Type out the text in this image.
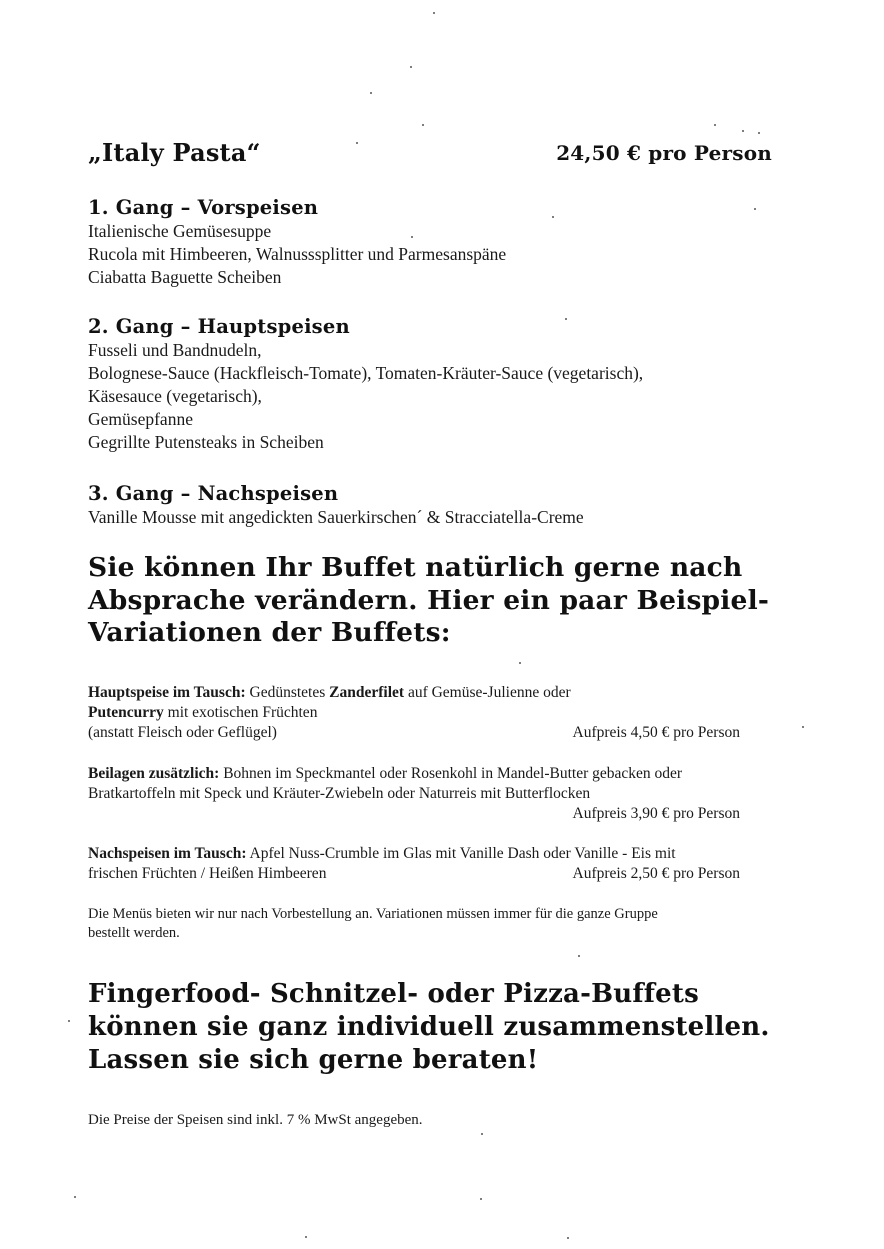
„Italy Pasta“	24,50 € pro Person
1. Gang – Vorspeisen
Italienische Gemüsesuppe
Rucola mit Himbeeren, Walnusssplitter und Parmesanspäne
Ciabatta Baguette Scheiben
2. Gang – Hauptspeisen
Fusseli und Bandnudeln,
Bolognese-Sauce (Hackfleisch-Tomate), Tomaten-Kräuter-Sauce (vegetarisch),
Käsesauce (vegetarisch),
Gemüsepfanne
Gegrillte Putensteaks in Scheiben
3. Gang – Nachspeisen
Vanille Mousse mit angedickten Sauerkirschen´ & Stracciatella-Creme
Sie können Ihr Buffet natürlich gerne nach
Absprache verändern. Hier ein paar Beispiel-
Variationen der Buffets:
Hauptspeise im Tausch: Gedünstetes Zanderfilet auf Gemüse-Julienne oder
Putencurry mit exotischen Früchten
(anstatt Fleisch oder Geflügel)	Aufpreis 4,50 € pro Person
Beilagen zusätzlich: Bohnen im Speckmantel oder Rosenkohl in Mandel-Butter gebacken oder
Bratkartoffeln mit Speck und Kräuter-Zwiebeln oder Naturreis mit Butterflocken
Aufpreis 3,90 € pro Person
Nachspeisen im Tausch: Apfel Nuss-Crumble im Glas mit Vanille Dash oder Vanille - Eis mit
frischen Früchten / Heißen Himbeeren	Aufpreis 2,50 € pro Person
Die Menüs bieten wir nur nach Vorbestellung an. Variationen müssen immer für die ganze Gruppe
bestellt werden.
Fingerfood- Schnitzel- oder Pizza-Buffets
können sie ganz individuell zusammenstellen.
Lassen sie sich gerne beraten!
Die Preise der Speisen sind inkl. 7 % MwSt angegeben.
